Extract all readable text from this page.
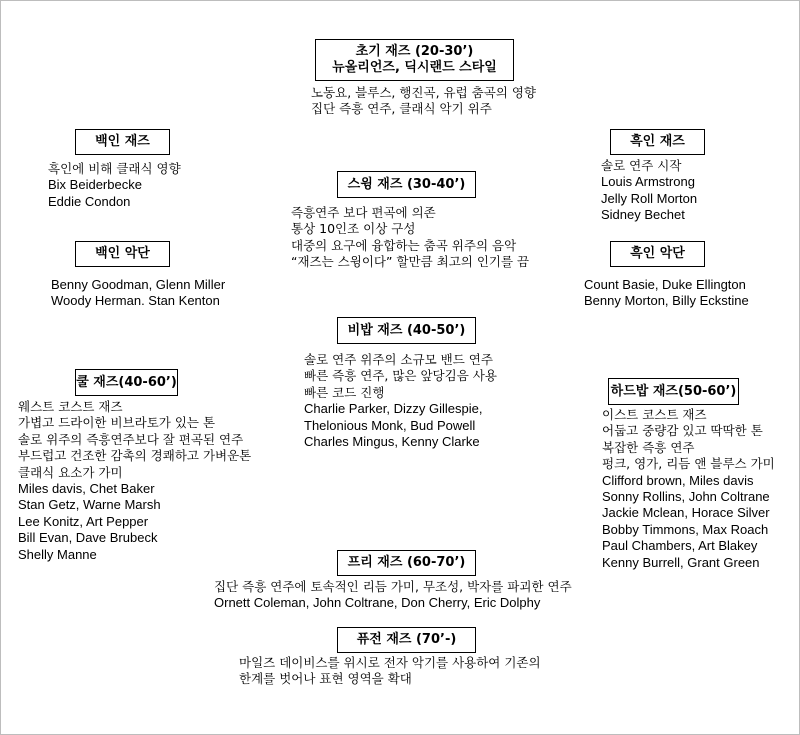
초기 재즈 (20-30’)
뉴올리언즈, 딕시랜드 스타일
노동요, 블루스, 행진곡, 유럽 춤곡의 영향
집단 즉흥 연주, 클래식 악기 위주
백인 재즈
흑인에 비해 클래식 영향
Bix Beiderbecke
Eddie Condon
흑인 재즈
솔로 연주 시작
Louis Armstrong
Jelly Roll Morton
Sidney Bechet
스윙 재즈 (30-40’)
즉흥연주 보다 편곡에 의존
통상 10인조 이상 구성
대중의 요구에 융합하는 춤곡 위주의 음악
“재즈는 스윙이다” 할만큼 최고의 인기를 끔
백인 악단
Benny Goodman, Glenn Miller
Woody Herman. Stan Kenton
흑인 악단
Count Basie, Duke Ellington
Benny Morton, Billy Eckstine
비밥 재즈 (40-50’)
솔로 연주 위주의 소규모 밴드 연주
빠른 즉흥 연주, 많은 앞당김음 사용
빠른 코드 진행
Charlie Parker, Dizzy Gillespie,
Thelonious Monk, Bud Powell
Charles Mingus, Kenny Clarke
쿨 재즈(40-60’)
웨스트 코스트 재즈
가볍고 드라이한 비브라토가 있는 톤
솔로 위주의 즉흥연주보다 잘 편곡된 연주
부드럽고 건조한 감촉의 경쾌하고 가벼운톤
클래식 요소가 가미
Miles davis, Chet Baker
Stan Getz, Warne Marsh
Lee Konitz, Art Pepper
Bill Evan, Dave Brubeck
Shelly Manne
하드밥 재즈(50-60’)
이스트 코스트 재즈
어둡고 중량감 있고 딱딱한 톤
복잡한 즉흥 연주
펑크, 영가, 리듬 앤 블루스 가미
Clifford brown, Miles davis
Sonny Rollins, John Coltrane
Jackie Mclean, Horace Silver
Bobby Timmons, Max Roach
Paul Chambers, Art Blakey
Kenny Burrell, Grant Green
프리 재즈 (60-70’)
집단 즉흥 연주에 토속적인 리듬 가미, 무조성, 박자를 파괴한 연주
Ornett Coleman, John Coltrane, Don Cherry, Eric Dolphy
퓨전 재즈 (70’-)
마일즈 데이비스를 위시로 전자 악기를 사용하여 기존의
한계를 벗어나 표현 영역을 확대
